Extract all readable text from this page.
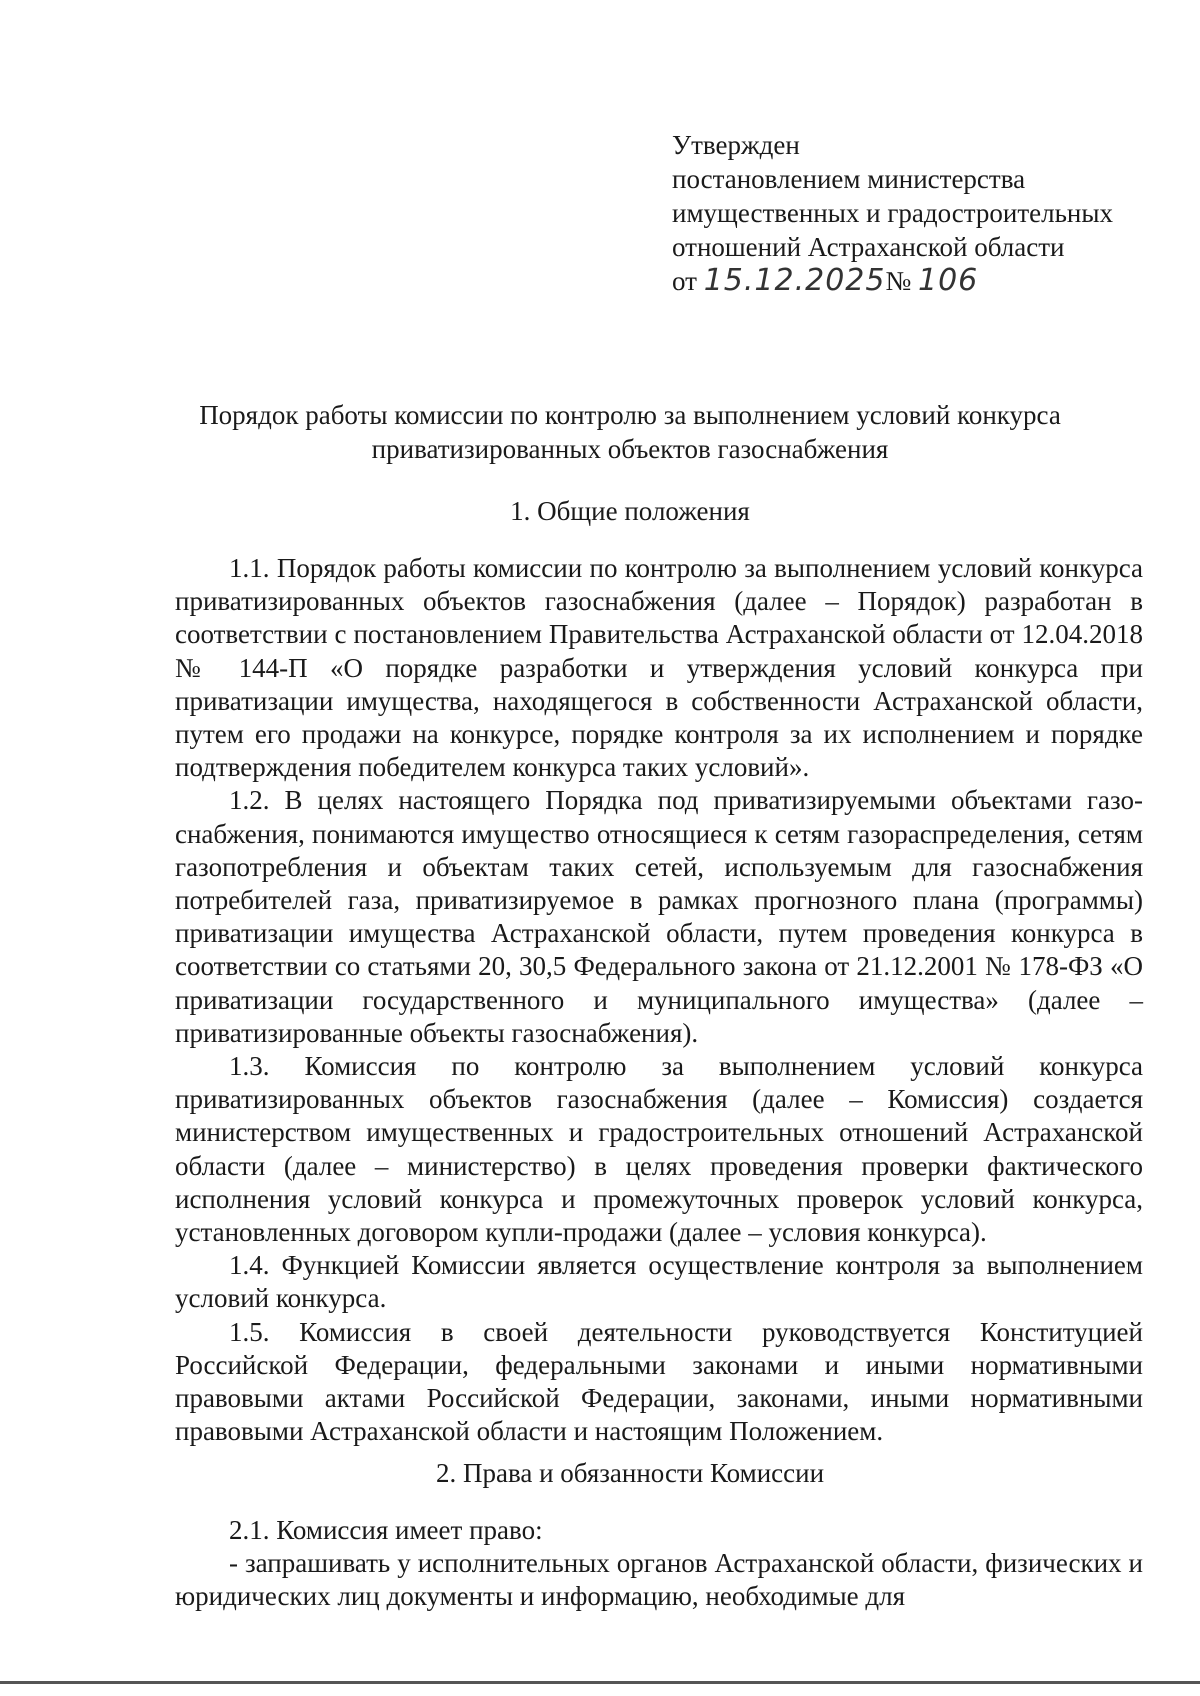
Утвержден
постановлением министерства
имущественных и градостроительных
отношений Астраханской области
от 15.12.2025№ 106
Порядок работы комиссии по контролю за выполнением условий конкурса
приватизированных объектов газоснабжения
1. Общие положения

1.1. Порядок работы комиссии по контролю за выполнением условий конкурса приватизированных объектов газоснабжения (далее – Порядок) разработан в соответствии с постановлением Правительства Астраханской области от 12.04.2018 № 144-П «О порядке разработки и утверждения условий конкурса при приватизации имущества, находящегося в собственности Астраханской области, путем его продажи на конкурсе, порядке контроля за их исполнением и порядке подтверждения победителем конкурса таких условий».

1.2. В целях настоящего Порядка под приватизируемыми объектами газоснабжения, понимаются имущество относящиеся к сетям газораспределения, сетям газопотребления и объектам таких сетей, используемым для газоснабжения потребителей газа, приватизируемое в рамках прогнозного плана (программы) приватизации имущества Астраханской области, путем проведения конкурса в соответствии со статьями 20, 30,5 Федерального закона от 21.12.2001 № 178-ФЗ «О приватизации государственного и муниципального имущества» (далее – приватизированные объекты газоснабжения).

1.3. Комиссия по контролю за выполнением условий конкурса приватизированных объектов газоснабжения (далее – Комиссия) создается министерством имущественных и градостроительных отношений Астраханской области (далее – министерство) в целях проведения проверки фактического исполнения условий конкурса и промежуточных проверок условий конкурса, установленных договором купли-продажи (далее – условия конкурса).

1.4. Функцией Комиссии является осуществление контроля за выполнением условий конкурса.

1.5. Комиссия в своей деятельности руководствуется Конституцией Российской Федерации, федеральными законами и иными нормативными правовыми актами Российской Федерации, законами, иными нормативными правовыми Астраханской области и настоящим Положением.

2. Права и обязанности Комиссии

2.1. Комиссия имеет право:

- запрашивать у исполнительных органов Астраханской области, физических и юридических лиц документы и информацию, необходимые для
